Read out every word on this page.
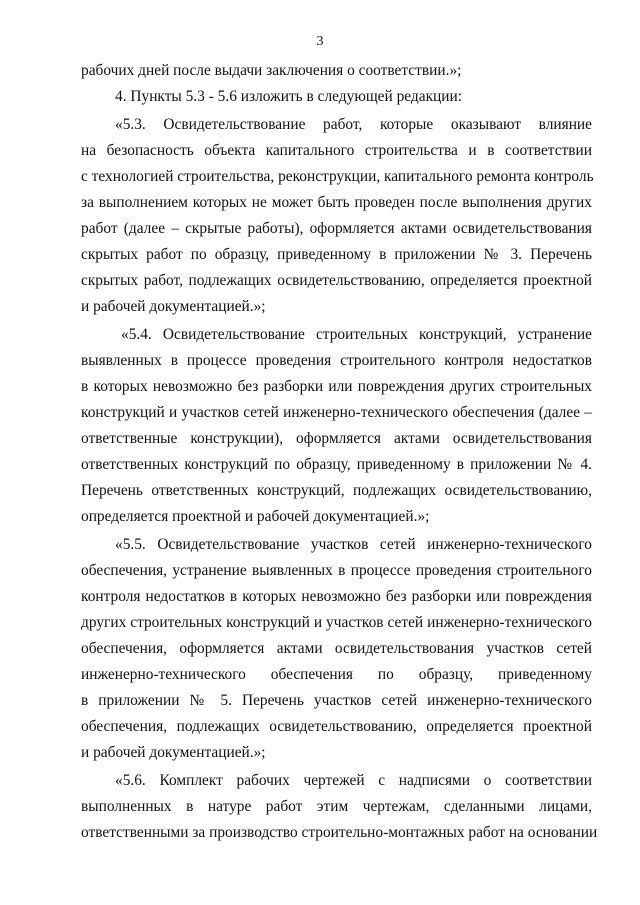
3
рабочих дней после выдачи заключения о соответствии.»;
4. Пункты 5.3 - 5.6 изложить в следующей редакции:
«5.3. Освидетельствование работ, которые оказывают влияние
на безопасность объекта капитального строительства и в соответствии
с технологией строительства, реконструкции, капитального ремонта контроль
за выполнением которых не может быть проведен после выполнения других
работ (далее – скрытые работы), оформляется актами освидетельствования
скрытых работ по образцу, приведенному в приложении № 3. Перечень
скрытых работ, подлежащих освидетельствованию, определяется проектной
и рабочей документацией.»;
«5.4. Освидетельствование строительных конструкций, устранение
выявленных в процессе проведения строительного контроля недостатков
в которых невозможно без разборки или повреждения других строительных
конструкций и участков сетей инженерно-технического обеспечения (далее –
ответственные конструкции), оформляется актами освидетельствования
ответственных конструкций по образцу, приведенному в приложении № 4.
Перечень ответственных конструкций, подлежащих освидетельствованию,
определяется проектной и рабочей документацией.»;
«5.5. Освидетельствование участков сетей инженерно-технического
обеспечения, устранение выявленных в процессе проведения строительного
контроля недостатков в которых невозможно без разборки или повреждения
других строительных конструкций и участков сетей инженерно-технического
обеспечения, оформляется актами освидетельствования участков сетей
инженерно-технического обеспечения по образцу, приведенному
в приложении № 5. Перечень участков сетей инженерно-технического
обеспечения, подлежащих освидетельствованию, определяется проектной
и рабочей документацией.»;
«5.6. Комплект рабочих чертежей с надписями о соответствии
выполненных в натуре работ этим чертежам, сделанными лицами,
ответственными за производство строительно-монтажных работ на основании
